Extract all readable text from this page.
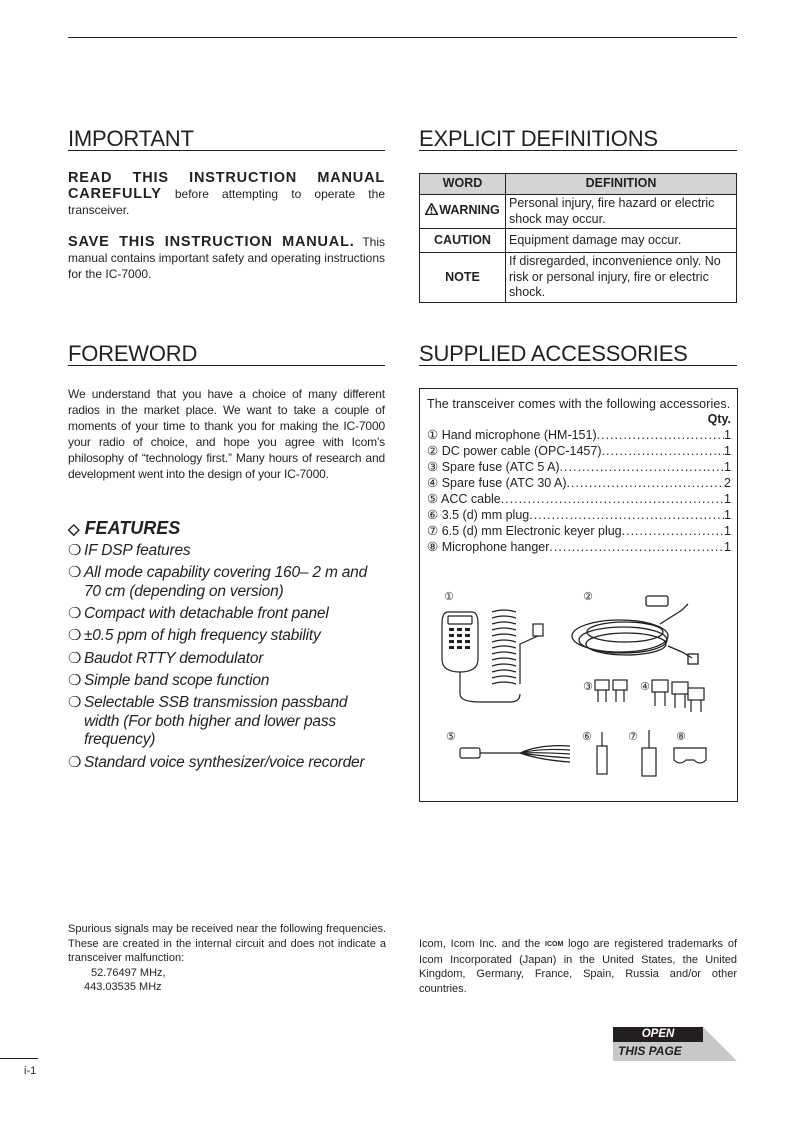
IMPORTANT
READ THIS INSTRUCTION MANUAL CAREFULLY before attempting to operate the transceiver.
SAVE THIS INSTRUCTION MANUAL. This manual contains important safety and operating instructions for the IC-7000.
EXPLICIT DEFINITIONS
WORD	DEFINITION
WARNING	Personal injury, fire hazard or electric shock may occur.
CAUTION	Equipment damage may occur.
NOTE	If disregarded, inconvenience only. No risk or personal injury, fire or electric shock.
FOREWORD
We understand that you have a choice of many different radios in the market place. We want to take a couple of moments of your time to thank you for making the IC-7000 your radio of choice, and hope you agree with Icom's philosophy of “technology first.” Many hours of research and development went into the design of your IC-7000.
◇ FEATURES
❍ IF DSP features
❍ All mode capability covering 160– 2 m and 70 cm (depending on version)
❍ Compact with detachable front panel
❍ ±0.5 ppm of high frequency stability
❍ Baudot RTTY demodulator
❍ Simple band scope function
❍ Selectable SSB transmission passband width (For both higher and lower pass frequency)
❍ Standard voice synthesizer/voice recorder
SUPPLIED ACCESSORIES
The transceiver comes with the following accessories.
Qty.
① Hand microphone (HM-151) .....	1
② DC power cable (OPC-1457) .....	1
③ Spare fuse (ATC 5 A) .....	1
④ Spare fuse (ATC 30 A) .....	2
⑤ ACC cable .....	1
⑥ 3.5 (d) mm plug .....	1
⑦ 6.5 (d) mm Electronic keyer plug .....	1
⑧ Microphone hanger .....	1
①	②
③	④
⑤	⑥	⑦	⑧
Spurious signals may be received near the following frequencies. These are created in the internal circuit and does not indicate a transceiver malfunction:
52.76497 MHz,
443.03535 MHz
Icom, Icom Inc. and the ICOM logo are registered trademarks of Icom Incorporated (Japan) in the United States, the United Kingdom, Germany, France, Spain, Russia and/or other countries.
OPEN
THIS PAGE
i-1
